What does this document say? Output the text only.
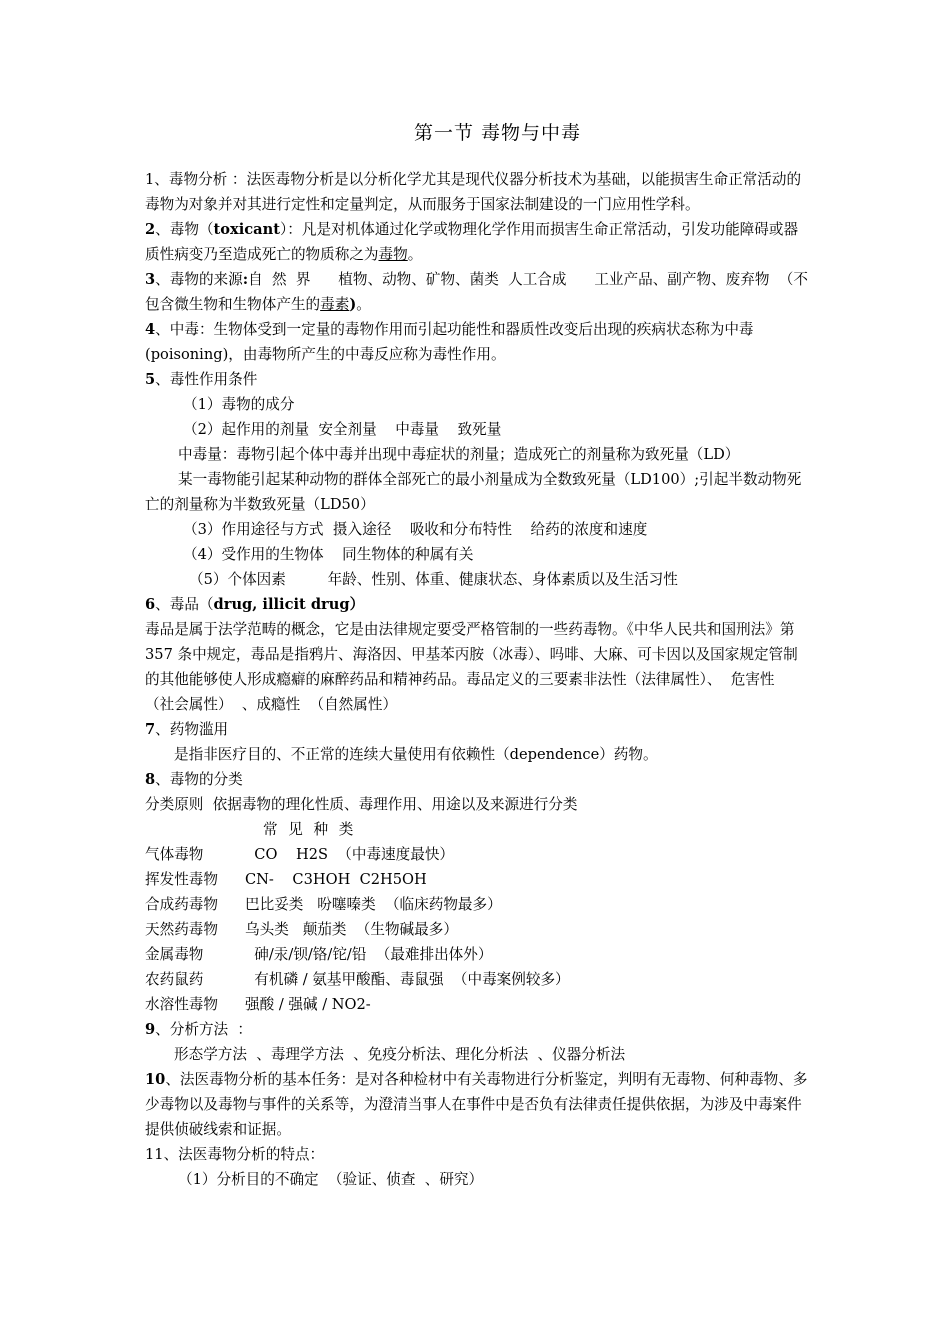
第一节 毒物与中毒

1、毒物分析 ：法医毒物分析是以分析化学尤其是现代仪器分析技术为基础，以能损害生命正常活动的毒物为对象并对其进行定性和定量判定，从而服务于国家法制建设的一门应用性学科。

2、毒物（toxicant）：凡是对机体通过化学或物理化学作用而损害生命正常活动，引发功能障碍或器质性病变乃至造成死亡的物质称之为毒物。

3、毒物的来源:自  然  界      植物、动物、矿物、菌类  人工合成      工业产品、副产物、废弃物  （不包含微生物和生物体产生的毒素)。

4、中毒：生物体受到一定量的毒物作用而引起功能性和器质性改变后出现的疾病状态称为中毒(poisoning)，由毒物所产生的中毒反应称为毒性作用。

5、毒性作用条件

（1）毒物的成分

（2）起作用的剂量  安全剂量    中毒量    致死量

中毒量：毒物引起个体中毒并出现中毒症状的剂量；造成死亡的剂量称为致死量（LD）

某一毒物能引起某种动物的群体全部死亡的最小剂量成为全数致死量（LD100）;引起半数动物死亡的剂量称为半数致死量（LD50）

（3）作用途径与方式  摄入途径    吸收和分布特性    给药的浓度和速度

（4）受作用的生物体    同生物体的种属有关

（5）个体因素         年龄、性别、体重、健康状态、身体素质以及生活习性

6、毒品（drug, illicit drug）

毒品是属于法学范畴的概念，它是由法律规定要受严格管制的一些药毒物。《中华人民共和国刑法》第 357 条中规定，毒品是指鸦片、海洛因、甲基苯丙胺（冰毒）、吗啡、大麻、可卡因以及国家规定管制的其他能够使人形成瘾癖的麻醉药品和精神药品。毒品定义的三要素非法性（法律属性）、  危害性  （社会属性）  、成瘾性  （自然属性）

7、药物滥用

是指非医疗目的、不正常的连续大量使用有依赖性（dependence）药物。

8、毒物的分类

分类原则  依据毒物的理化性质、毒理作用、用途以及来源进行分类

常 见 种 类

气体毒物	CO    H2S  （中毒速度最快）
挥发性毒物	CN-    C3HOH  C2H5OH
合成药毒物	巴比妥类   吩噻嗪类  （临床药物最多）
天然药毒物	乌头类   颠茄类  （生物碱最多）
金属毒物	砷/汞/钡/铬/铊/铅  （最难排出体外）
农药鼠药	有机磷 / 氨基甲酸酯、毒鼠强  （中毒案例较多）
水溶性毒物	强酸 / 强碱 / NO2-

9、分析方法  ：

形态学方法  、毒理学方法  、免疫分析法、理化分析法  、仪器分析法

10、法医毒物分析的基本任务：是对各种检材中有关毒物进行分析鉴定，判明有无毒物、何种毒物、多少毒物以及毒物与事件的关系等，为澄清当事人在事件中是否负有法律责任提供依据，为涉及中毒案件提供侦破线索和证据。

11、法医毒物分析的特点：

（1）分析目的不确定  （验证、侦查  、研究）
